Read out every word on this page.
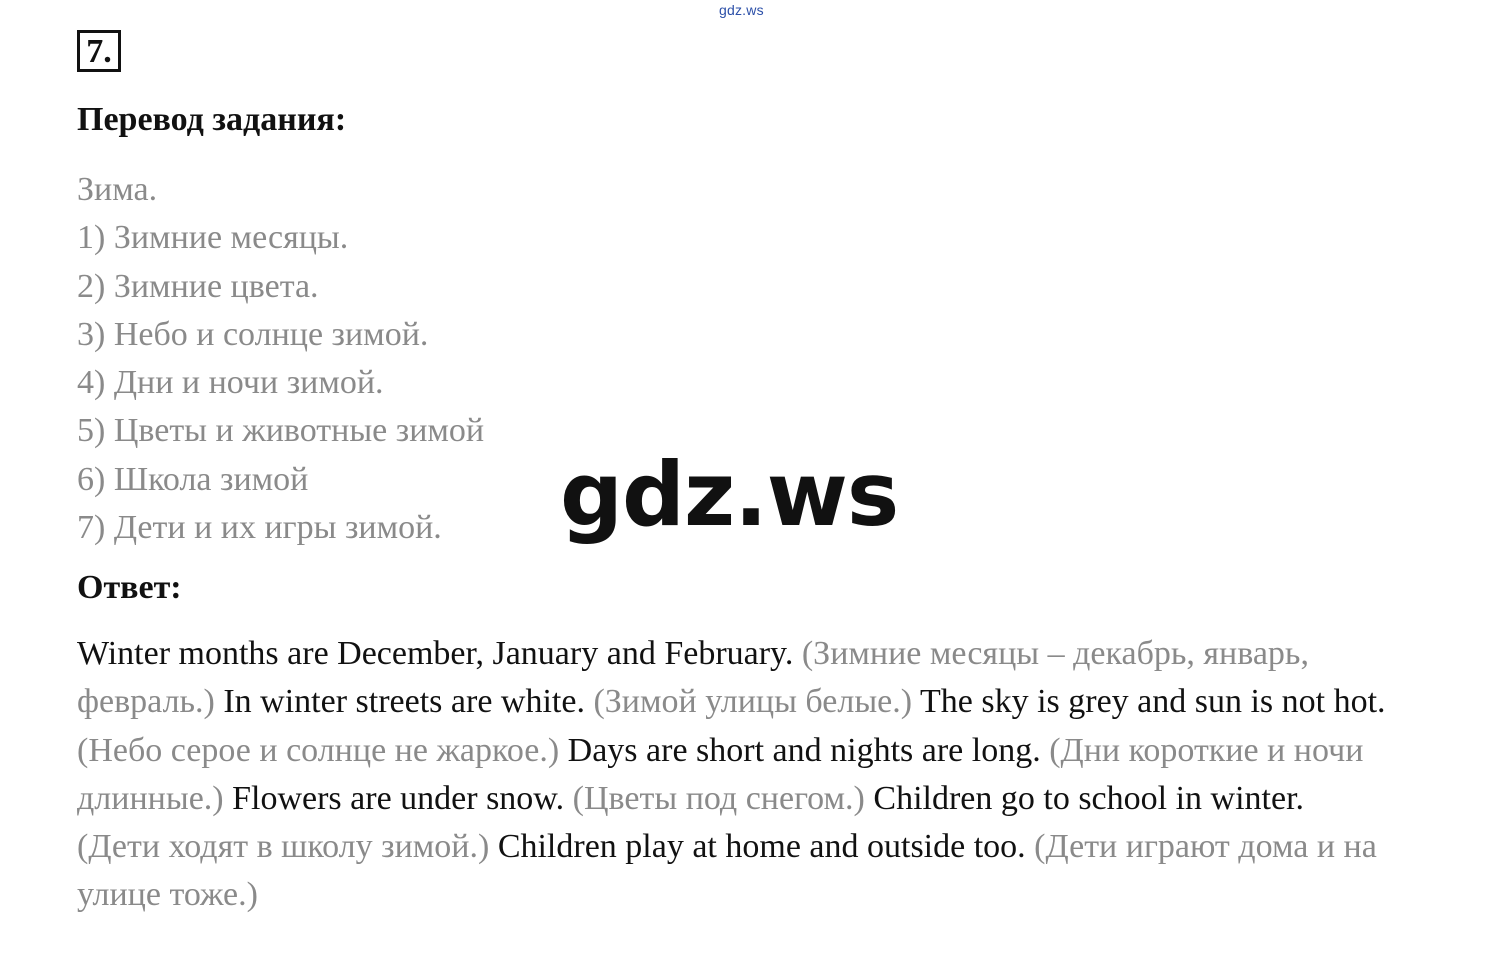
gdz.ws
7.
Перевод задания:
Зима.
1) Зимние месяцы.
2) Зимние цвета.
3) Небо и солнце зимой.
4) Дни и ночи зимой.
5) Цветы и животные зимой
6) Школа зимой
7) Дети и их игры зимой.	gdz.ws
Ответ:

Winter months are December, January and February. (Зимние месяцы – декабрь, январь, февраль.) In winter streets are white. (Зимой улицы белые.) The sky is grey and sun is not hot. (Небо серое и солнце не жаркое.) Days are short and nights are long. (Дни короткие и ночи длинные.) Flowers are under snow. (Цветы под снегом.) Children go to school in winter. (Дети ходят в школу зимой.) Children play at home and outside too. (Дети играют дома и на улице тоже.)
